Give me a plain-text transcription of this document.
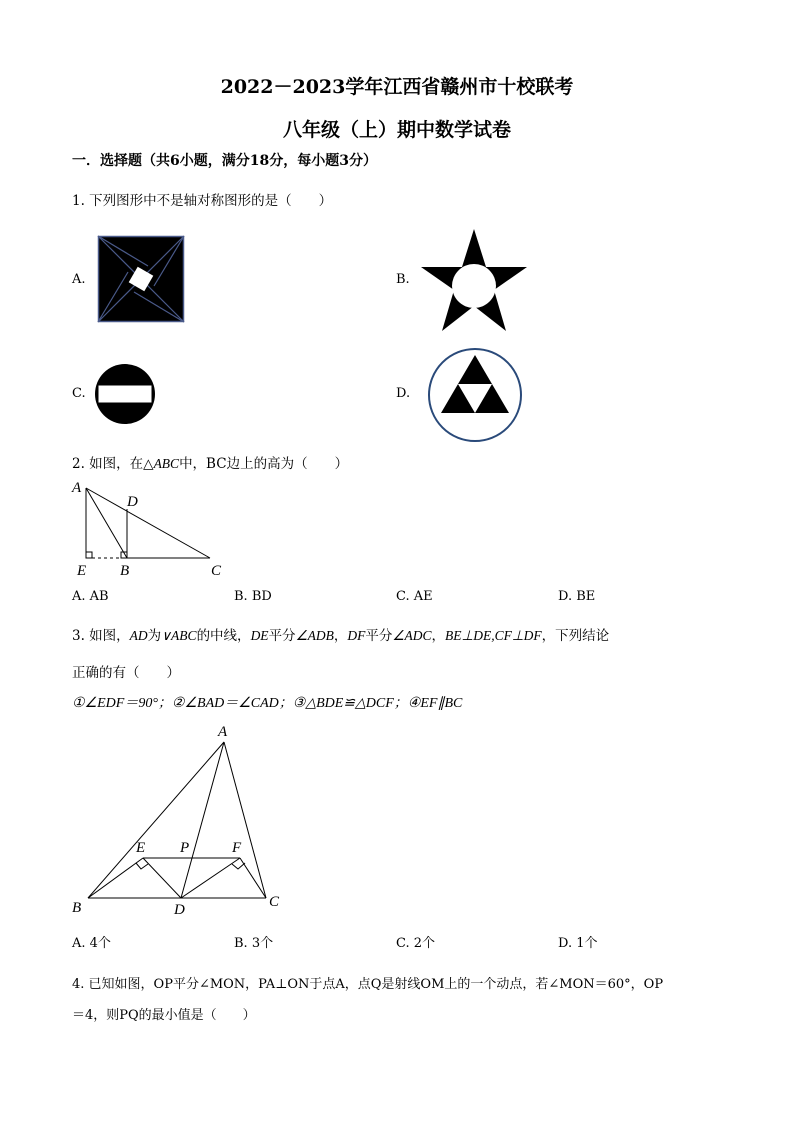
2022－2023学年江西省赣州市十校联考
八年级（上）期中数学试卷
一．选择题（共6小题，满分18分，每小题3分）
1. 下列图形中不是轴对称图形的是（　　）
A.	B.
C.	D.
2. 如图，在△ABC中，BC边上的高为（　　）
A
D
E B	C
A. AB	B. BD	C. AE	D. BE
3. 如图，AD为∨ABC的中线，DE平分∠ADB，DF平分∠ADC，BE⊥DE,CF⊥DF，下列结论
正确的有（　　）
①∠EDF＝90°；②∠BAD＝∠CAD；③△BDE≌△DCF；④EF∥BC
A
E P	F
B	D	C
A. 4个	B. 3个	C. 2个	D. 1个
4. 已知如图，OP平分∠MON，PA⊥ON于点A，点Q是射线OM上的一个动点，若∠MON＝60°，OP
＝4，则PQ的最小值是（　　）
